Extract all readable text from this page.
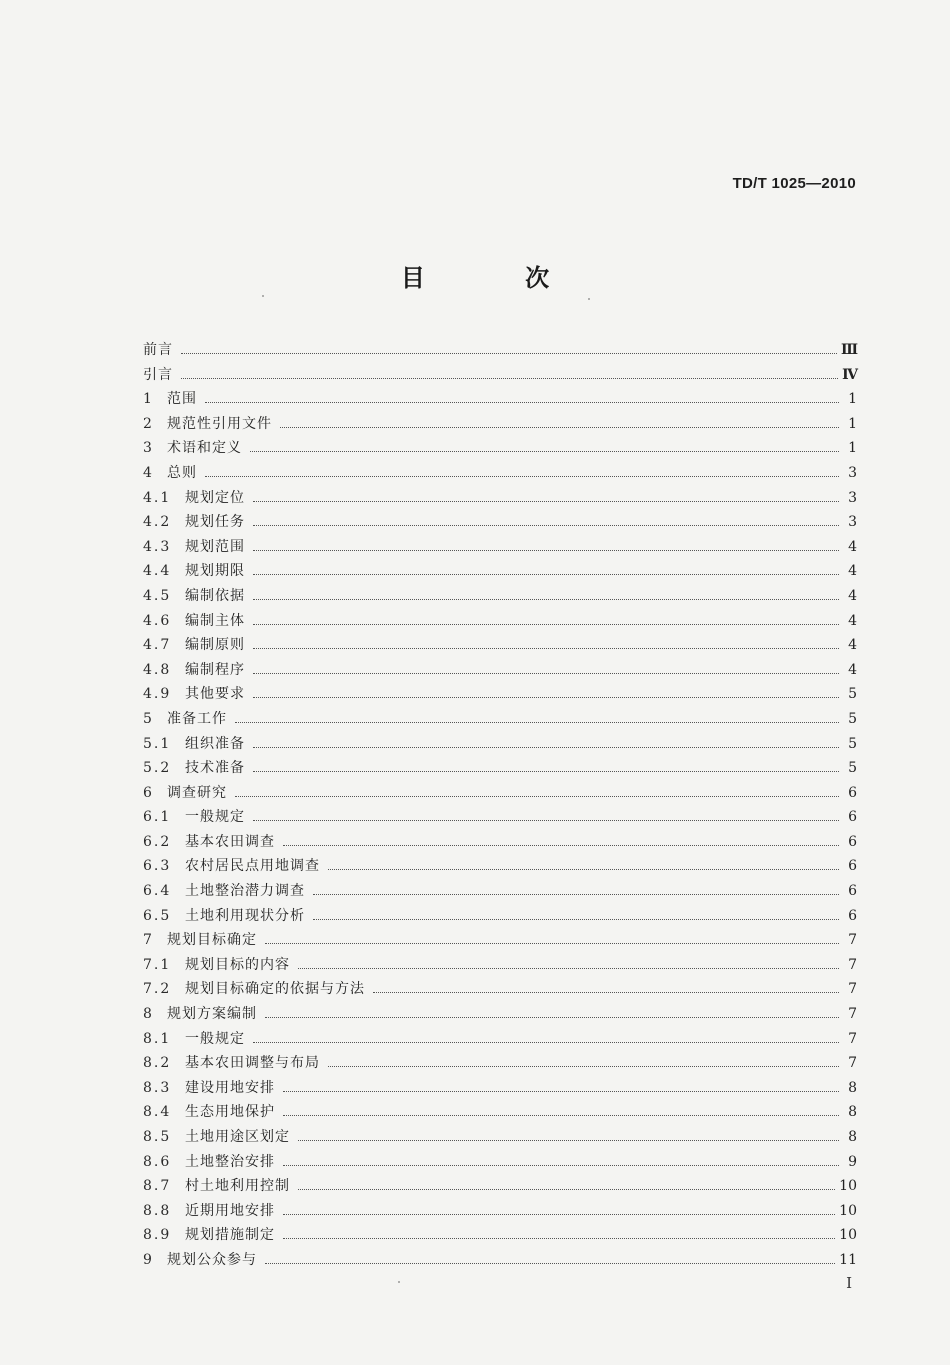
TD/T 1025—2010
目 次
前言	Ⅲ
引言	Ⅳ
1 范围	1
2 规范性引用文件	1
3 术语和定义	1
4 总则	3
4.1 规划定位	3
4.2 规划任务	3
4.3 规划范围	4
4.4 规划期限	4
4.5 编制依据	4
4.6 编制主体	4
4.7 编制原则	4
4.8 编制程序	4
4.9 其他要求	5
5 准备工作	5
5.1 组织准备	5
5.2 技术准备	5
6 调查研究	6
6.1 一般规定	6
6.2 基本农田调查	6
6.3 农村居民点用地调查	6
6.4 土地整治潜力调查	6
6.5 土地利用现状分析	6
7 规划目标确定	7
7.1 规划目标的内容	7
7.2 规划目标确定的依据与方法	7
8 规划方案编制	7
8.1 一般规定	7
8.2 基本农田调整与布局	7
8.3 建设用地安排	8
8.4 生态用地保护	8
8.5 土地用途区划定	8
8.6 土地整治安排	9
8.7 村土地利用控制	10
8.8 近期用地安排	10
8.9 规划措施制定	10
9 规划公众参与	11
I
